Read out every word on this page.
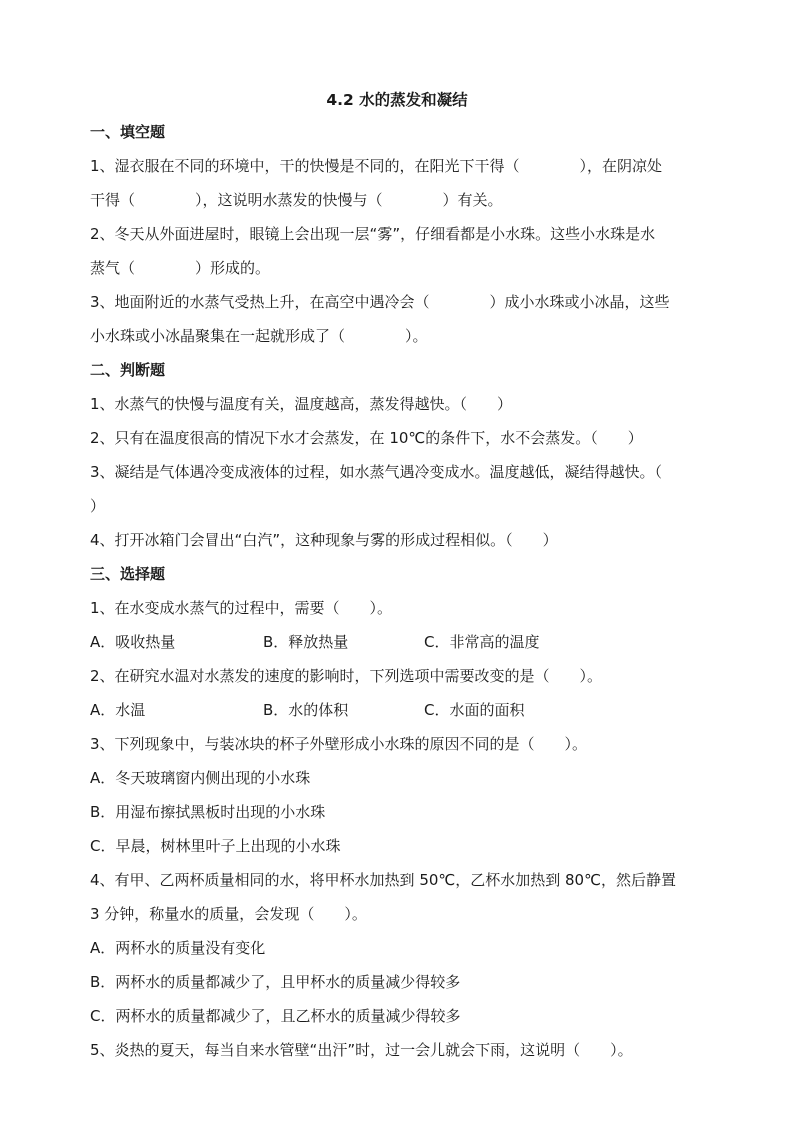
4.2 水的蒸发和凝结
一、填空题
1、湿衣服在不同的环境中，干的快慢是不同的，在阳光下干得（　　　　），在阴凉处
干得（　　　　），这说明水蒸发的快慢与（　　　　）有关。
2、冬天从外面进屋时，眼镜上会出现一层“雾”，仔细看都是小水珠。这些小水珠是水
蒸气（　　　　）形成的。
3、地面附近的水蒸气受热上升，在高空中遇冷会（　　　　）成小水珠或小冰晶，这些
小水珠或小冰晶聚集在一起就形成了（　　　　）。
二、判断题
1、水蒸气的快慢与温度有关，温度越高，蒸发得越快。（　　）
2、只有在温度很高的情况下水才会蒸发，在 10℃的条件下，水不会蒸发。（　　）
3、凝结是气体遇冷变成液体的过程，如水蒸气遇冷变成水。温度越低，凝结得越快。（
）
4、打开冰箱门会冒出“白汽”，这种现象与雾的形成过程相似。（　　）
三、选择题
1、在水变成水蒸气的过程中，需要（　　）。
A．吸收热量	B．释放热量	C．非常高的温度
2、在研究水温对水蒸发的速度的影响时，下列选项中需要改变的是（　　）。
A．水温	B．水的体积	C．水面的面积
3、下列现象中，与装冰块的杯子外壁形成小水珠的原因不同的是（　　）。
A．冬天玻璃窗内侧出现的小水珠
B．用湿布擦拭黑板时出现的小水珠
C．早晨，树林里叶子上出现的小水珠
4、有甲、乙两杯质量相同的水，将甲杯水加热到 50℃，乙杯水加热到 80℃，然后静置
3 分钟，称量水的质量，会发现（　　）。
A．两杯水的质量没有变化
B．两杯水的质量都减少了，且甲杯水的质量减少得较多
C．两杯水的质量都减少了，且乙杯水的质量减少得较多
5、炎热的夏天，每当自来水管壁“出汗”时，过一会儿就会下雨，这说明（　　）。
